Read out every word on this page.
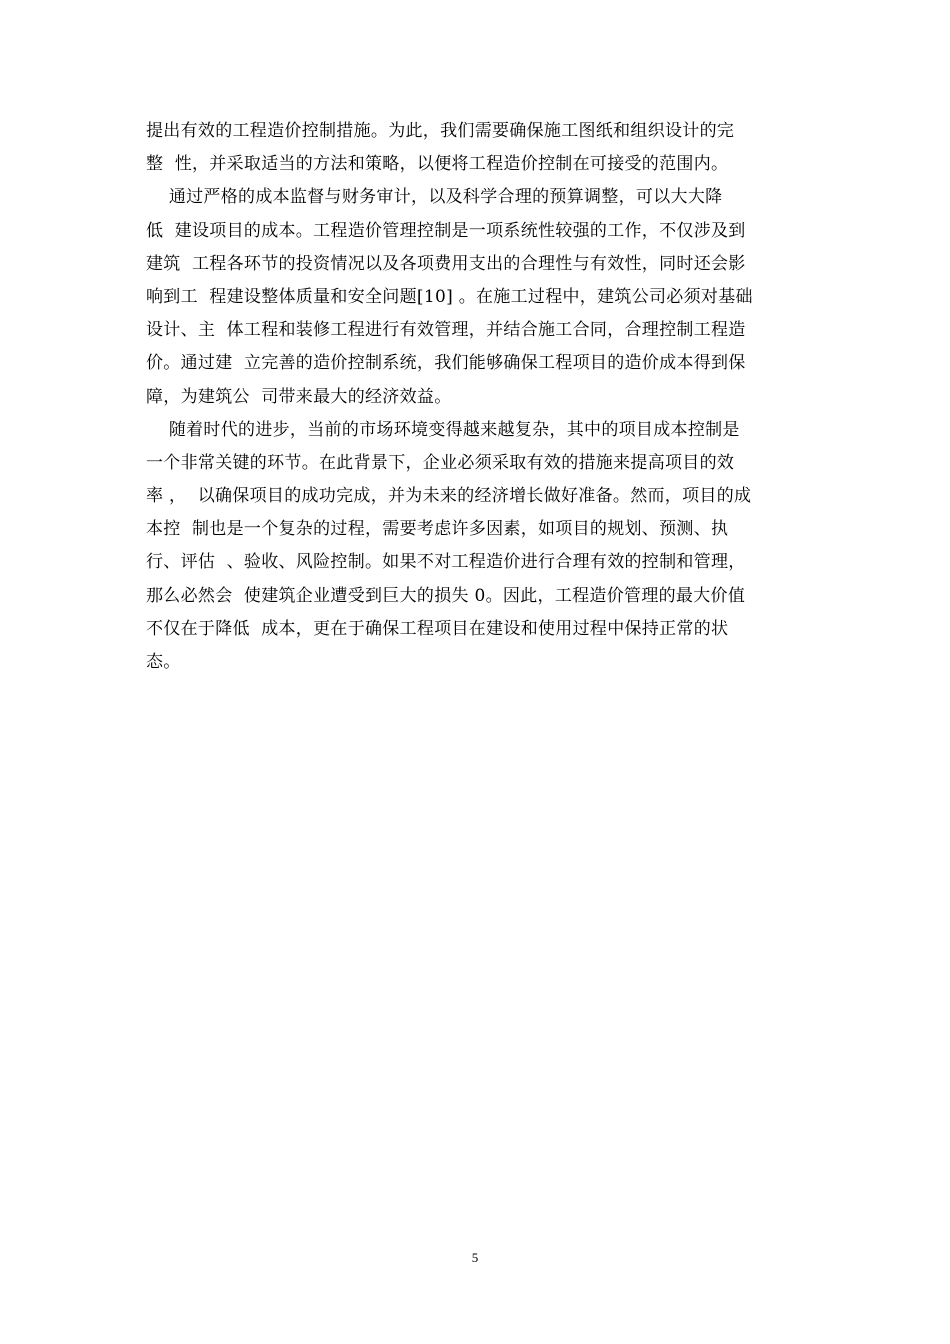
提出有效的工程造价控制措施。为此，我们需要确保施工图纸和组织设计的完
整  性，并采取适当的方法和策略，以便将工程造价控制在可接受的范围内。
通过严格的成本监督与财务审计，以及科学合理的预算调整，可以大大降
低  建设项目的成本。工程造价管理控制是一项系统性较强的工作，不仅涉及到
建筑  工程各环节的投资情况以及各项费用支出的合理性与有效性，同时还会影
响到工  程建设整体质量和安全问题[10] 。在施工过程中，建筑公司必须对基础
设计、主  体工程和装修工程进行有效管理，并结合施工合同，合理控制工程造
价。通过建  立完善的造价控制系统，我们能够确保工程项目的造价成本得到保
障，为建筑公  司带来最大的经济效益。
随着时代的进步，当前的市场环境变得越来越复杂，其中的项目成本控制是
一个非常关键的环节。在此背景下，企业必须采取有效的措施来提高项目的效
率 ，  以确保项目的成功完成，并为未来的经济增长做好准备。然而，项目的成
本控  制也是一个复杂的过程，需要考虑许多因素，如项目的规划、预测、执
行、评估  、验收、风险控制。如果不对工程造价进行合理有效的控制和管理，
那么必然会  使建筑企业遭受到巨大的损失 0。因此，工程造价管理的最大价值
不仅在于降低  成本，更在于确保工程项目在建设和使用过程中保持正常的状
态。
5
